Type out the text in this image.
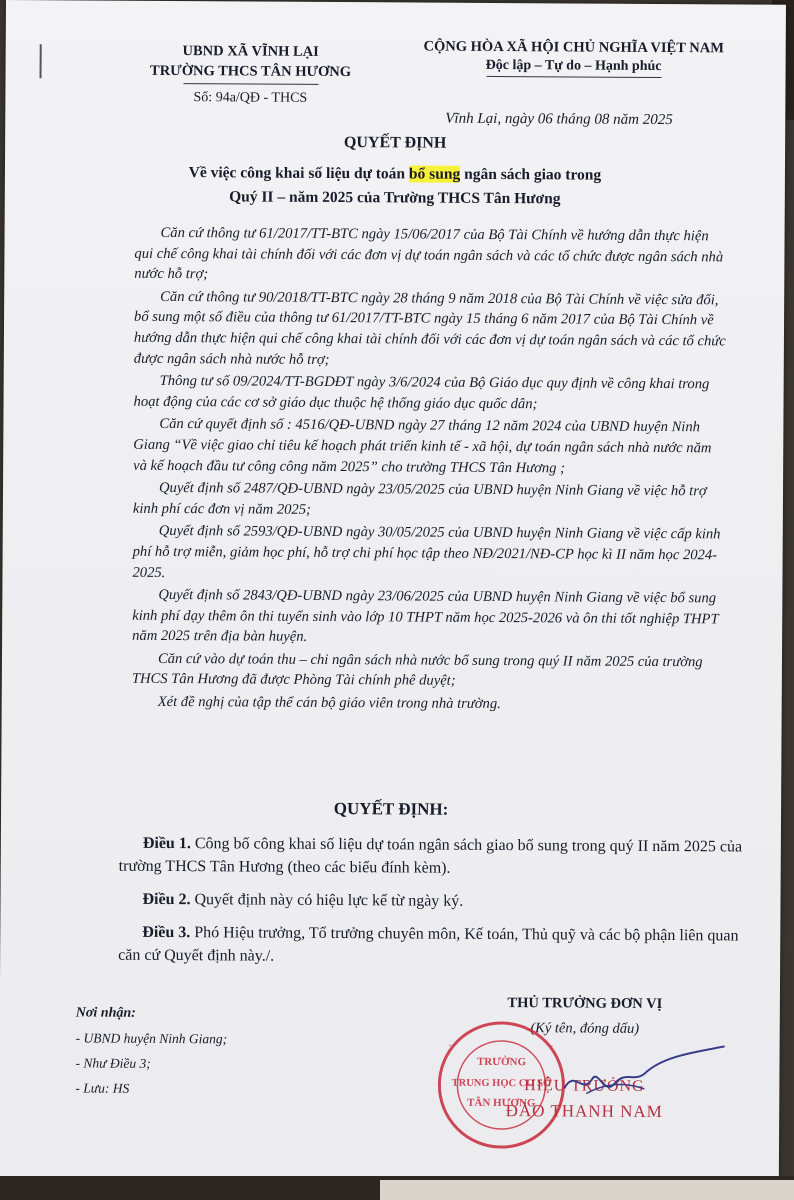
UBND XÃ VĨNH LẠI
TRƯỜNG THCS TÂN HƯƠNG
Số: 94a/QĐ - THCS
CỘNG HÒA XÃ HỘI CHỦ NGHĨA VIỆT NAM
Độc lập – Tự do – Hạnh phúc
Vĩnh Lại, ngày 06 tháng 08 năm 2025
QUYẾT ĐỊNH
Về việc công khai số liệu dự toán bổ sung ngân sách giao trong
Quý II – năm 2025 của Trường THCS Tân Hương

Căn cứ thông tư 61/2017/TT-BTC ngày 15/06/2017 của Bộ Tài Chính về hướng dẫn thực hiện qui chế công khai tài chính đối với các đơn vị dự toán ngân sách và các tổ chức được ngân sách nhà nước hỗ trợ;

Căn cứ thông tư 90/2018/TT-BTC ngày 28 tháng 9 năm 2018 của Bộ Tài Chính về việc sửa đổi, bổ sung một số điều của thông tư 61/2017/TT-BTC ngày 15 tháng 6 năm 2017 của Bộ Tài Chính về hướng dẫn thực hiện qui chế công khai tài chính đối với các đơn vị dự toán ngân sách và các tổ chức được ngân sách nhà nước hỗ trợ;

Thông tư số 09/2024/TT-BGDĐT ngày 3/6/2024 của Bộ Giáo dục quy định về công khai trong hoạt động của các cơ sở giáo dục thuộc hệ thống giáo dục quốc dân;

Căn cứ quyết định số : 4516/QĐ-UBND ngày 27 tháng 12 năm 2024 của UBND huyện Ninh Giang “Về việc giao chỉ tiêu kế hoạch phát triển kinh tế - xã hội, dự toán ngân sách nhà nước năm và kế hoạch đầu tư công công năm 2025” cho trường THCS Tân Hương ;

Quyết định số 2487/QĐ-UBND ngày 23/05/2025 của UBND huyện Ninh Giang về việc hỗ trợ kinh phí các đơn vị năm 2025;

Quyết định số 2593/QĐ-UBND ngày 30/05/2025 của UBND huyện Ninh Giang về việc cấp kinh phí hỗ trợ miễn, giảm học phí, hỗ trợ chi phí học tập theo NĐ/2021/NĐ-CP học kì II năm học 2024-2025.

Quyết định số 2843/QĐ-UBND ngày 23/06/2025 của UBND huyện Ninh Giang về việc bổ sung kinh phí dạy thêm ôn thi tuyển sinh vào lớp 10 THPT năm học 2025-2026 và ôn thi tốt nghiệp THPT năm 2025 trên địa bàn huyện.

Căn cứ vào dự toán thu – chi ngân sách nhà nước bổ sung trong quý II năm 2025 của trường THCS Tân Hương đã được Phòng Tài chính phê duyệt;

Xét đề nghị của tập thể cán bộ giáo viên trong nhà trường.

QUYẾT ĐỊNH:

Điều 1. Công bố công khai số liệu dự toán ngân sách giao bổ sung trong quý II năm 2025 của trường THCS Tân Hương (theo các biểu đính kèm).

Điều 2. Quyết định này có hiệu lực kể từ ngày ký.

Điều 3. Phó Hiệu trưởng, Tổ trưởng chuyên môn, Kế toán, Thủ quỹ và các bộ phận liên quan căn cứ Quyết định này./.

Nơi nhận:
- UBND huyện Ninh Giang;
- Như Điều 3;
- Lưu: HS
THỦ TRƯỞNG ĐƠN VỊ
(Ký tên, đóng dấu)
HIỆU TRƯỞNG
ĐÀO THANH NAM
TRƯỜNG
TRUNG HỌC CƠ SỞ
TÂN HƯƠNG
•	•
